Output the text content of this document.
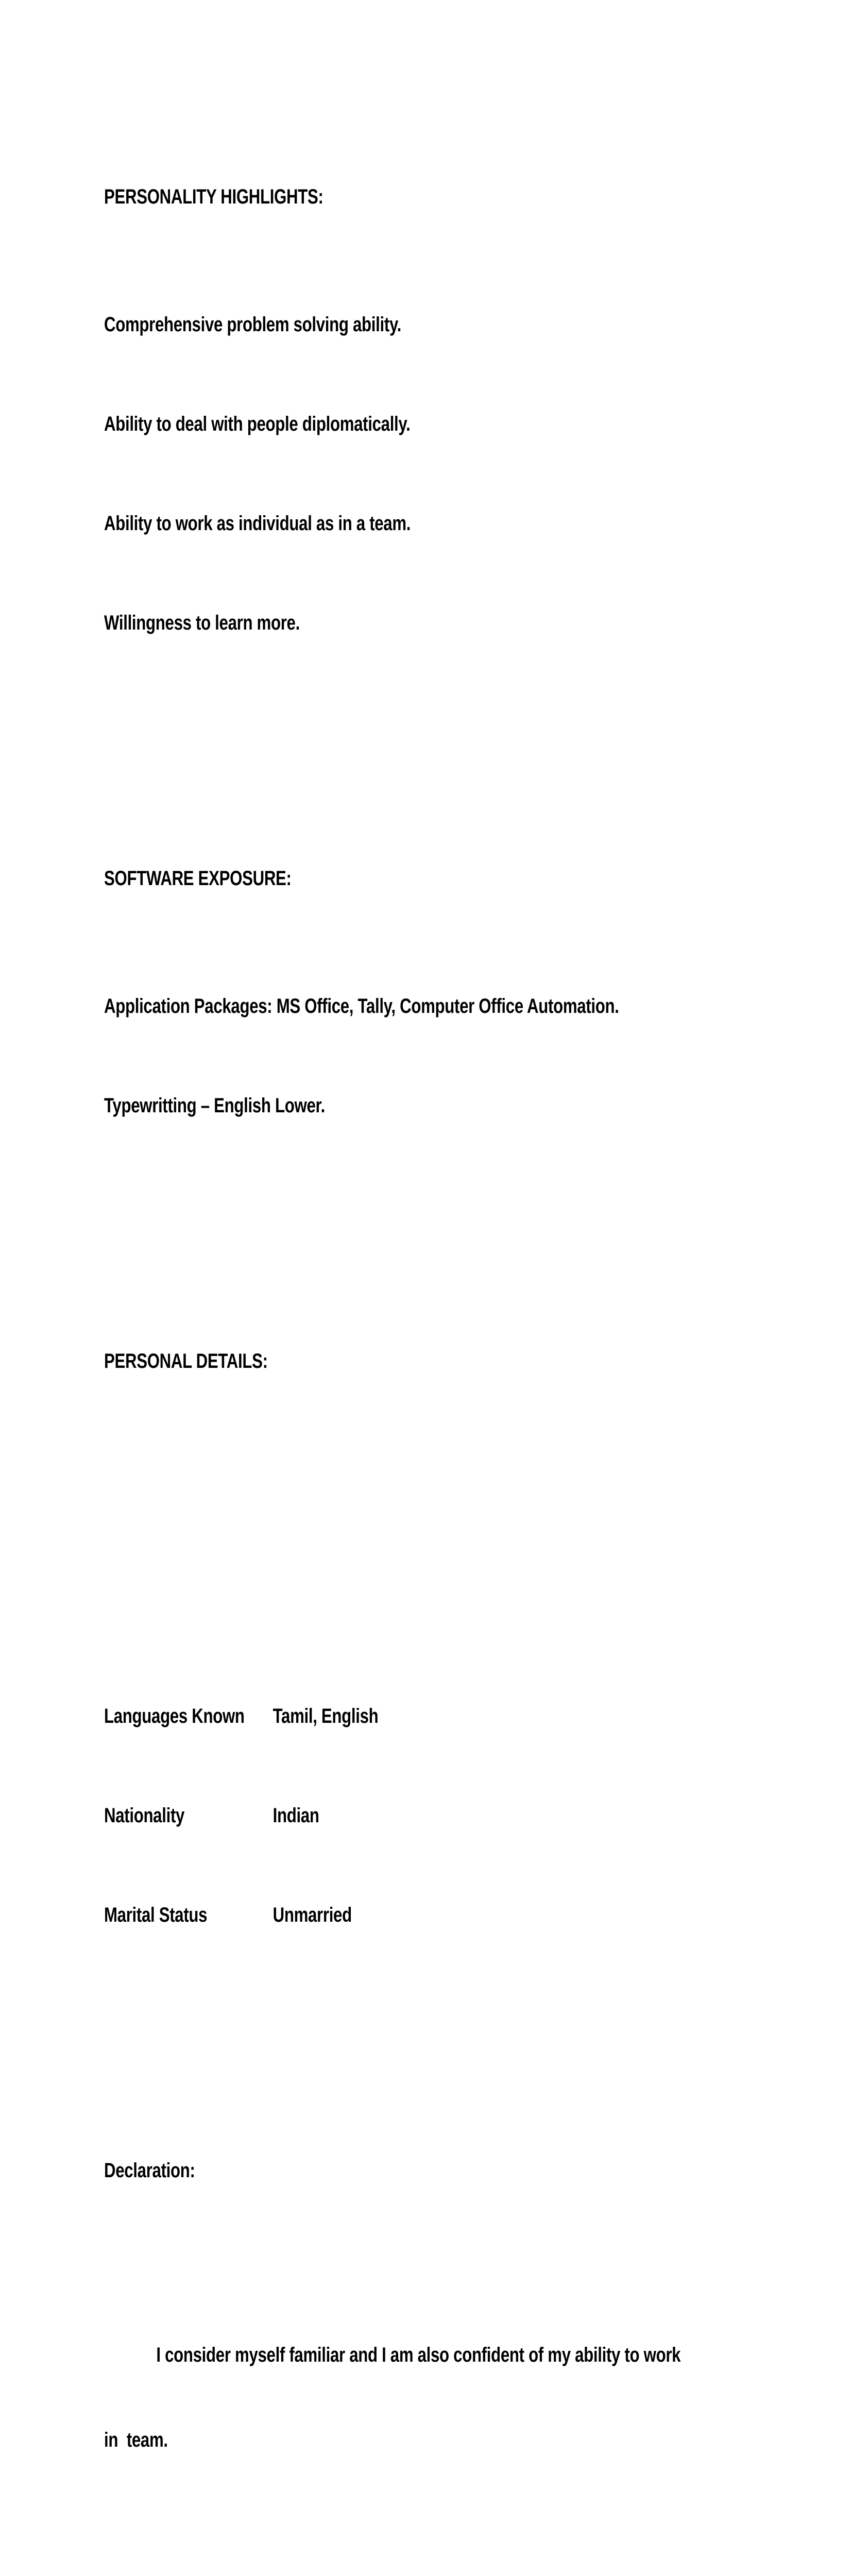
PERSONALITY HIGHLIGHTS:

Comprehensive problem solving ability.

Ability to deal with people diplomatically.

Ability to work as individual as in a team.

Willingness to learn more.

SOFTWARE EXPOSURE:

Application Packages: MS Office, Tally, Computer Office Automation.

Typewritting – English Lower.

PERSONAL DETAILS:

Languages Known	Tamil, English

Nationality	Indian

Marital Status	Unmarried

Declaration:

I consider myself familiar and I am also confident of my ability to work

in  team.
